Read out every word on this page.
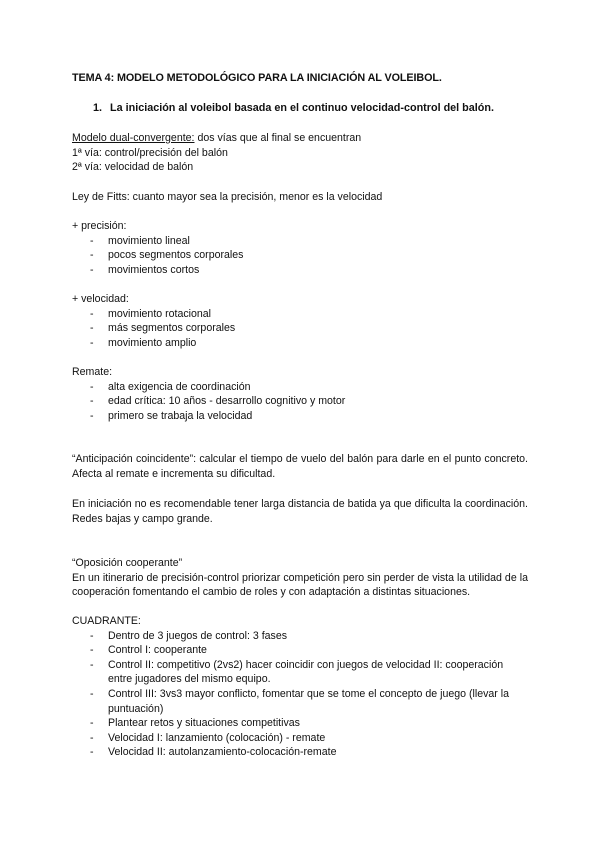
TEMA 4: MODELO METODOLÓGICO PARA LA INICIACIÓN AL VOLEIBOL.
1. La iniciación al voleibol basada en el continuo velocidad-control del balón.
Modelo dual-convergente: dos vías que al final se encuentran
1ª vía: control/precisión del balón
2ª vía: velocidad de balón
Ley de Fitts: cuanto mayor sea la precisión, menor es la velocidad
+ precisión:
- movimiento lineal
- pocos segmentos corporales
- movimientos cortos
+ velocidad:
- movimiento rotacional
- más segmentos corporales
- movimiento amplio
Remate:
- alta exigencia de coordinación
- edad crítica: 10 años - desarrollo cognitivo y motor
- primero se trabaja la velocidad
“Anticipación coincidente”: calcular el tiempo de vuelo del balón para darle en el punto concreto. Afecta al remate e incrementa su dificultad.
En iniciación no es recomendable tener larga distancia de batida ya que dificulta la coordinación. Redes bajas y campo grande.
“Oposición cooperante”
En un itinerario de precisión-control priorizar competición pero sin perder de vista la utilidad de la cooperación fomentando el cambio de roles y con adaptación a distintas situaciones.
CUADRANTE:
- Dentro de 3 juegos de control: 3 fases
- Control I: cooperante
- Control II: competitivo (2vs2) hacer coincidir con juegos de velocidad II: cooperación entre jugadores del mismo equipo.
- Control III: 3vs3 mayor conflicto, fomentar que se tome el concepto de juego (llevar la puntuación)
- Plantear retos y situaciones competitivas
- Velocidad I: lanzamiento (colocación) - remate
- Velocidad II: autolanzamiento-colocación-remate
